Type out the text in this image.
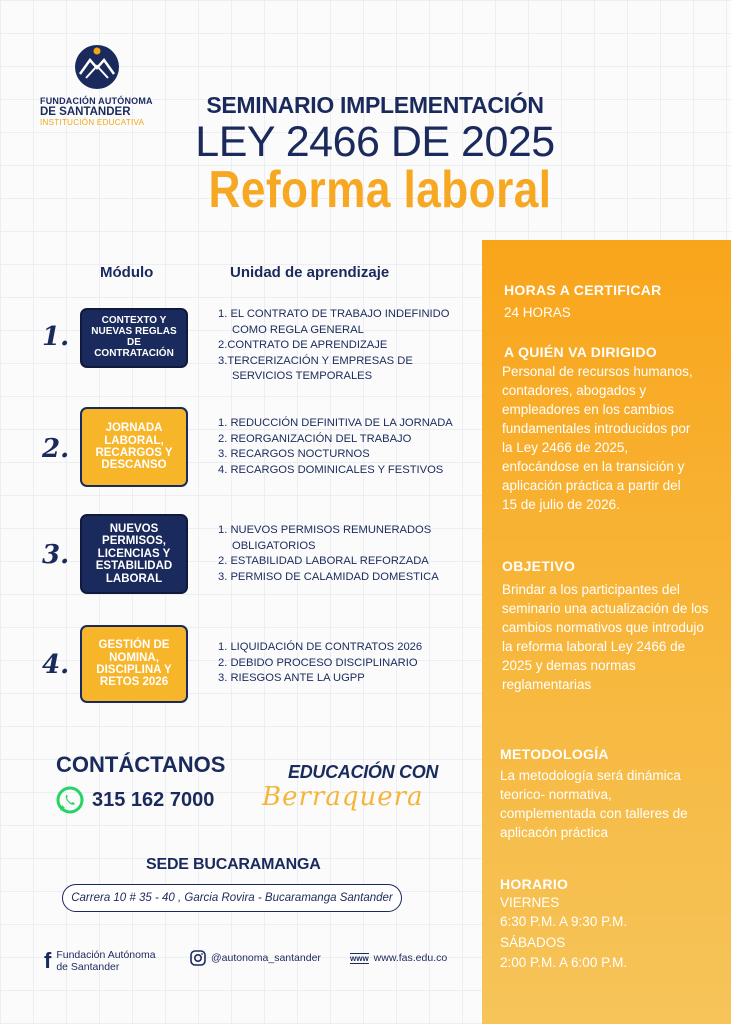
FUNDACIÓN AUTÓNOMA
DE SANTANDER
INSTITUCIÓN EDUCATIVA
SEMINARIO IMPLEMENTACIÓN
LEY 2466 DE 2025
Reforma laboral
Módulo	Unidad de aprendizaje
1.
CONTEXTO Y NUEVAS REGLAS DE CONTRATACIÓN
1. EL CONTRATO DE TRABAJO INDEFINIDO COMO REGLA GENERAL
2.CONTRATO DE APRENDIZAJE
3.TERCERIZACIÓN Y EMPRESAS DE SERVICIOS TEMPORALES
2.
JORNADA LABORAL, RECARGOS Y DESCANSO
1. REDUCCIÓN DEFINITIVA DE LA JORNADA
2. REORGANIZACIÓN DEL TRABAJO
3. RECARGOS NOCTURNOS
4. RECARGOS DOMINICALES Y FESTIVOS
3.
NUEVOS PERMISOS, LICENCIAS Y ESTABILIDAD LABORAL
1. NUEVOS PERMISOS REMUNERADOS OBLIGATORIOS
2. ESTABILIDAD LABORAL REFORZADA
3. PERMISO DE CALAMIDAD DOMESTICA
4.
GESTIÓN DE NOMINA, DISCIPLINA Y RETOS 2026
1. LIQUIDACIÓN DE CONTRATOS 2026
2. DEBIDO PROCESO DISCIPLINARIO
3. RIESGOS ANTE LA UGPP
HORAS A CERTIFICAR
24 HORAS
A QUIÉN VA DIRIGIDO
Personal de recursos humanos, contadores, abogados y empleadores en los cambios fundamentales introducidos por la Ley 2466 de 2025, enfocándose en la transición y aplicación práctica a partir del 15 de julio de 2026.
OBJETIVO
Brindar a los participantes del seminario una actualización de los cambios normativos que introdujo la reforma laboral Ley 2466 de 2025 y demas normas reglamentarias
METODOLOGÍA
La metodología será dinámica teorico- normativa, complementada con talleres de aplicacón práctica
HORARIO
VIERNES
6:30 P.M. A 9:30 P.M.
SÁBADOS
2:00 P.M. A 6:00 P.M.
CONTÁCTANOS
315 162 7000
EDUCACIÓN CON
Berraquera
SEDE BUCARAMANGA
Carrera 10 # 35 - 40 , Garcia Rovira - Bucaramanga Santander
f Fundación Autónoma
de Santander
@autonoma_santander	www www.fas.edu.co
